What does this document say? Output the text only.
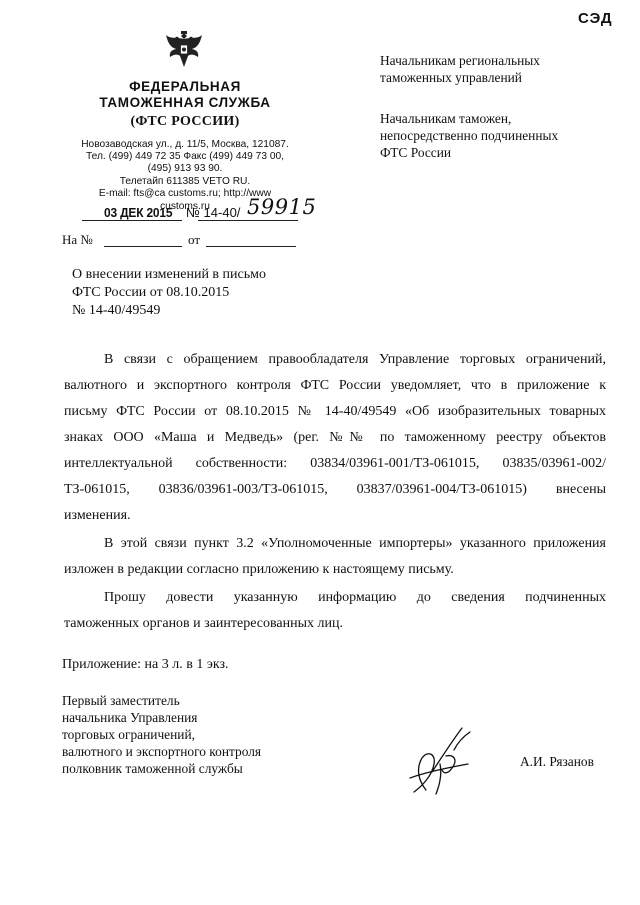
СЭД
ФЕДЕРАЛЬНАЯ
ТАМОЖЕННАЯ СЛУЖБА
(ФТС РОССИИ)
Новозаводская ул., д. 11/5, Москва, 121087.
Тел. (499) 449 72 35 Факс (499) 449 73 00,
(495) 913 93 90.
Телетайп 611385 VETO RU.
E-mail: fts@ca customs.ru; http://www customs.ru
03 ДЕК 2015 № 14-40/ 59915
На №	от
Начальникам региональных
таможенных управлений
Начальникам таможен,
непосредственно подчиненных
ФТС России
О внесении изменений в письмо
ФТС России от 08.10.2015
№ 14-40/49549
В связи с обращением правообладателя Управление торговых ограничений,
валютного и экспортного контроля ФТС России уведомляет, что в приложение к
письму ФТС России от 08.10.2015 № 14-40/49549 «Об изобразительных товарных
знаках ООО «Маша и Медведь» (рег. №№ по таможенному реестру объектов
интеллектуальной собственности: 03834/03961-001/ТЗ-061015, 03835/03961-002/
ТЗ-061015, 03836/03961-003/ТЗ-061015, 03837/03961-004/ТЗ-061015) внесены
изменения.
В этой связи пункт 3.2 «Уполномоченные импортеры» указанного приложения
изложен в редакции согласно приложению к настоящему письму.
Прошу довести указанную информацию до сведения подчиненных
таможенных органов и заинтересованных лиц.
Приложение: на 3 л. в 1 экз.
Первый заместитель
начальника Управления
торговых ограничений,
валютного и экспортного контроля
полковник таможенной службы	А.И. Рязанов
